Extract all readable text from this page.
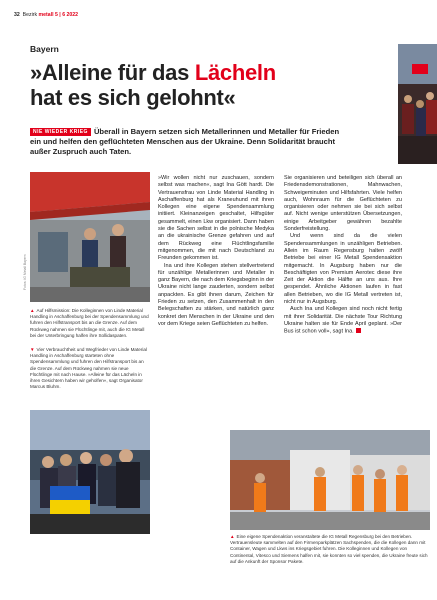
32 Bezirk metall 5 | 6 2022
Bayern
»Alleine für das Lächeln
hat es sich gelohnt«
NIE WIEDER KRIEG Überall in Bayern setzen sich Metallerinnen und Metaller für Frieden ein und helfen den geflüchteten Menschen aus der Ukraine. Denn Solidarität braucht außer Zuspruch auch Taten.
Fotos: IG Metall Bayern
▲ Auf Hilfsmission: Die Kolleginnen von Linde Material Handling in Aschaffenburg bei der Spendensammlung und fuhren den Hilfstransport bis an die Grenze. Auf dem Rückweg nahmen sie Flüchtlinge mit, auch die IG Metall bei der Unterbringung halfen ihre Sollidaspaten.
▼ Vier Verbrauchtheit und Wegfrieder von Linde Material Handling in Aschaffenburg starteten ohne Spendensammlung und fuhren den Hilfstransport bis an die Grenze. Auf dem Rückweg nahmen sie neue Flüchtlinge mit nach Hause. »Alleine für das Lächeln in ihren Gesichtern haben wir geholfen«, sagt Organisator Marcus Bluhm.

»Wir wollen nicht nur zuschauen, sondern selbst was machen«, sagt Ina Gött hardt. Die Vertrauensfrau von Linde Material Handling in Aschaffenburg hat als Kraneuhund mit ihren Kollegen eine eigene Spendensammlung initiiert. Kleinanzeigen geschaltet, Hilfsgüter gesammelt, einen Lkw organisiert. Dann haben sie die Sachen selbst in die polnische Medyka an die ukrainische Grenze gefahren und auf dem Rückweg eine Flüchtlingsfamilie mitgenommen, die mit nach Deutschland zu Freunden gekommen ist.

Ina und ihre Kollegen stehen stellvertretend für unzählige Metallerinnen und Metaller in ganz Bayern, die nach dem Kriegsbeginn in der Ukraine nicht lange zauderten, sondern selbst anpackten. Es gibt ihnen darum, Zeichen für Frieden zu setzen, den Zusammenhalt in den Belegschaften zu stärken, und natürlich ganz konkret den Menschen in der Ukraine und den vor dem Kriege seien Geflüchteten zu helfen.

Sie organisieren und beteiligen sich überall an Friedensdemonstrationen, Mahnwachen, Schweigeminuten und Hilfsfahrten. Viele helfen auch, Wohnraum für die Geflüchteten zu organisieren oder nehmen sie bei sich selbst auf. Nicht wenige unterstützen Übersetzungen, einige Arbeitgeber gewähren bezahlte Sonderfreistellung.

Und wenn sind da die vielen Spendensammlungen in unzähligen Betrieben. Allein im Raum Regensburg halten zwölf Betriebe bei einer IG Metall Spendensaktion mitgemacht. In Augsburg haben nur die Beschäftigten von Premium Aerotec diese ihre Zeit der Aktion die Hälfte an uns aus. Ihre gespendet. Ähnliche Aktionen laufen in fast allen Betrieben, wo die IG Metall vertreten ist, nicht nur in Augsburg.

Auch Ina und Kollegen sind noch nicht fertig mit ihrer Solidarität. Die nächste Tour Richtung Ukraine halten sie für Ende April geplant. »Der Bus ist schon voll«, sagt Ina.

▲ Eine eigene Spendenaktion veranstaltete die IG Metall Regensburg bei den Betrieben. Vertrauensleute sammelten auf den Firmenparkplätzen Sachspenden, die die Kollegen dann mit Container, Wagen und Lkws ins Kriegsgebiet fuhren. Die Kolleginnen und Kollegen von Continental, Vitesco und Siemens halfen mit, sie konnten so viel spenden, die Ukraine freute sich auf die Ankunft der Sponsor Pakete.
